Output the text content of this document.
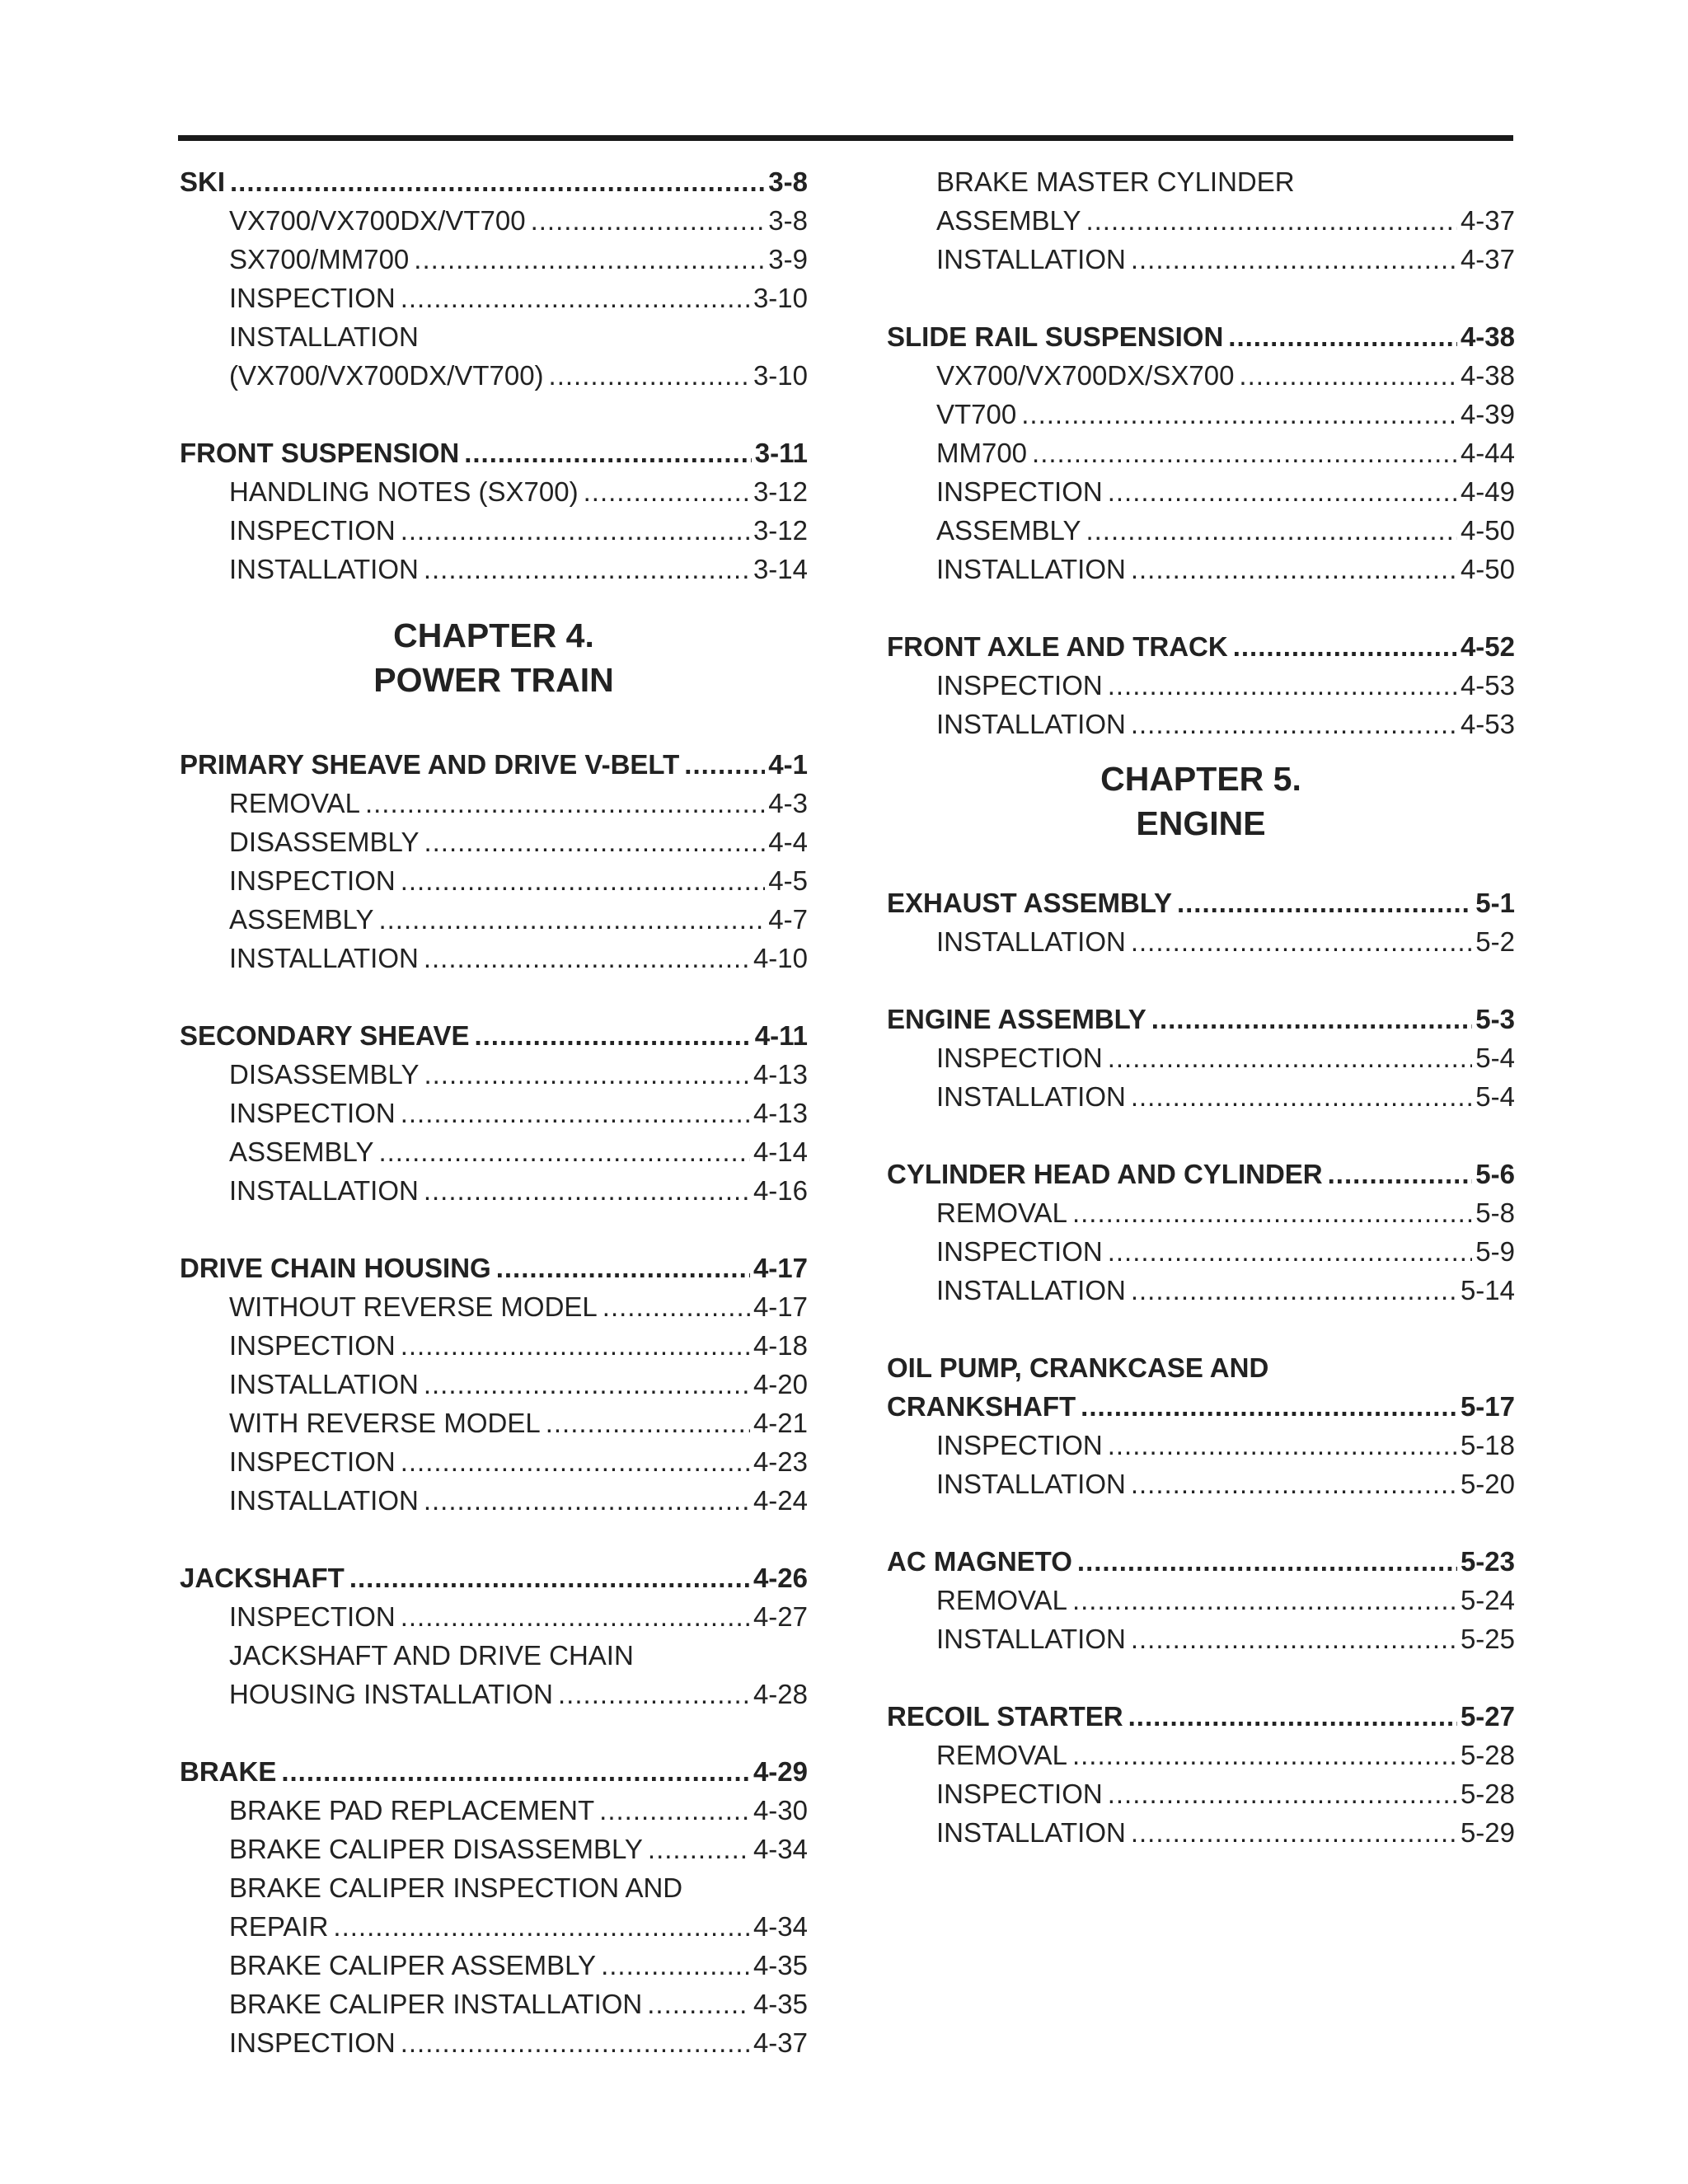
SKI .....	3-8
VX700/VX700DX/VT700 .....	3-8
SX700/MM700 .....	3-9
INSPECTION .....	3-10
INSTALLATION
(VX700/VX700DX/VT700) .....	3-10
FRONT SUSPENSION .....	3-11
HANDLING NOTES (SX700) .....	3-12
INSPECTION .....	3-12
INSTALLATION .....	3-14
CHAPTER 4.
POWER TRAIN
PRIMARY SHEAVE AND DRIVE V-BELT .....	4-1
REMOVAL .....	4-3
DISASSEMBLY .....	4-4
INSPECTION .....	4-5
ASSEMBLY .....	4-7
INSTALLATION .....	4-10
SECONDARY SHEAVE .....	4-11
DISASSEMBLY .....	4-13
INSPECTION .....	4-13
ASSEMBLY .....	4-14
INSTALLATION .....	4-16
DRIVE CHAIN HOUSING .....	4-17
WITHOUT REVERSE MODEL .....	4-17
INSPECTION .....	4-18
INSTALLATION .....	4-20
WITH REVERSE MODEL .....	4-21
INSPECTION .....	4-23
INSTALLATION .....	4-24
JACKSHAFT .....	4-26
INSPECTION .....	4-27
JACKSHAFT AND DRIVE CHAIN
HOUSING INSTALLATION .....	4-28
BRAKE .....	4-29
BRAKE PAD REPLACEMENT .....	4-30
BRAKE CALIPER DISASSEMBLY .....	4-34
BRAKE CALIPER INSPECTION AND
REPAIR .....	4-34
BRAKE CALIPER ASSEMBLY .....	4-35
BRAKE CALIPER INSTALLATION .....	4-35
INSPECTION .....	4-37
BRAKE MASTER CYLINDER
ASSEMBLY .....	4-37
INSTALLATION .....	4-37
SLIDE RAIL SUSPENSION .....	4-38
VX700/VX700DX/SX700 .....	4-38
VT700 .....	4-39
MM700 .....	4-44
INSPECTION .....	4-49
ASSEMBLY .....	4-50
INSTALLATION .....	4-50
FRONT AXLE AND TRACK .....	4-52
INSPECTION .....	4-53
INSTALLATION .....	4-53
CHAPTER 5.
ENGINE
EXHAUST ASSEMBLY .....	5-1
INSTALLATION .....	5-2
ENGINE ASSEMBLY .....	5-3
INSPECTION .....	5-4
INSTALLATION .....	5-4
CYLINDER HEAD AND CYLINDER .....	5-6
REMOVAL .....	5-8
INSPECTION .....	5-9
INSTALLATION .....	5-14
OIL PUMP, CRANKCASE AND
CRANKSHAFT .....	5-17
INSPECTION .....	5-18
INSTALLATION .....	5-20
AC MAGNETO .....	5-23
REMOVAL .....	5-24
INSTALLATION .....	5-25
RECOIL STARTER .....	5-27
REMOVAL .....	5-28
INSPECTION .....	5-28
INSTALLATION .....	5-29
